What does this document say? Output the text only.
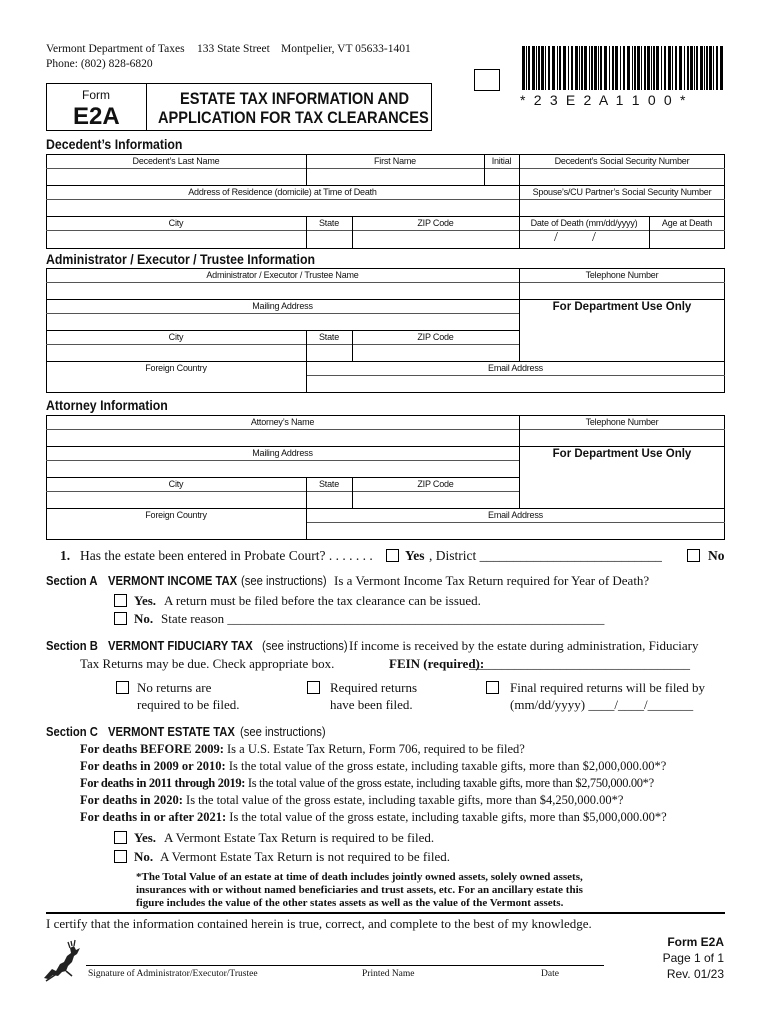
Vermont Department of Taxes 133 State Street Montpelier, VT 05633-1401
Phone: (802) 828-6820
* 2 3 E 2 A 1 1 0 0 *
Form
E2A
ESTATE TAX INFORMATION AND
APPLICATION FOR TAX CLEARANCES
Decedent’s Information
Decedent’s Last Name	First Name	Initial	Decedent’s Social Security Number
Address of Residence (domicile) at Time of Death	Spouse’s/CU Partner’s Social Security Number
City	State	ZIP Code	Date of Death (mm/dd/yyyy)	Age at Death
/ /
Administrator / Executor / Trustee Information
Administrator / Executor / Trustee Name	Telephone Number
Mailing Address	For Department Use Only
City	State	ZIP Code
Foreign Country	Email Address
Attorney Information
Attorney’s Name	Telephone Number
Mailing Address	For Department Use Only
City	State	ZIP Code
Foreign Country	Email Address
1. Has the estate been entered in Probate Court? . . . . . . . Yes , District ___________________________	No
Section A VERMONT INCOME TAX (see instructions) Is a Vermont Income Tax Return required for Year of Death?
Yes. A return must be filed before the tax clearance can be issued.
No. State reason __________________________________________________________
Section B VERMONT FIDUCIARY TAX (see instructions) If income is received by the estate during administration, Fiduciary
Tax Returns may be due. Check appropriate box.	FEIN (required):
__________________________________
No returns are
required to be filed.
Required returns
have been filed.
Final required returns will be filed by
(mm/dd/yyyy) ____/____/_______
Section C VERMONT ESTATE TAX (see instructions)
For deaths BEFORE 2009: Is a U.S. Estate Tax Return, Form 706, required to be filed?
For deaths in 2009 or 2010: Is the total value of the gross estate, including taxable gifts, more than $2,000,000.00*?
For deaths in 2011 through 2019: Is the total value of the gross estate, including taxable gifts, more than $2,750,000.00*?
For deaths in 2020: Is the total value of the gross estate, including taxable gifts, more than $4,250,000.00*?
For deaths in or after 2021: Is the total value of the gross estate, including taxable gifts, more than $5,000,000.00*?
Yes. A Vermont Estate Tax Return is required to be filed.
No. A Vermont Estate Tax Return is not required to be filed.
*The Total Value of an estate at time of death includes jointly owned assets, solely owned assets,
insurances with or without named beneficiaries and trust assets, etc. For an ancillary estate this
figure includes the value of the other states assets as well as the value of the Vermont assets.
I certify that the information contained herein is true, correct, and complete to the best of my knowledge.
Signature of Administrator/Executor/Trustee	Printed Name	Date
Form E2A
Page 1 of 1
Rev. 01/23
